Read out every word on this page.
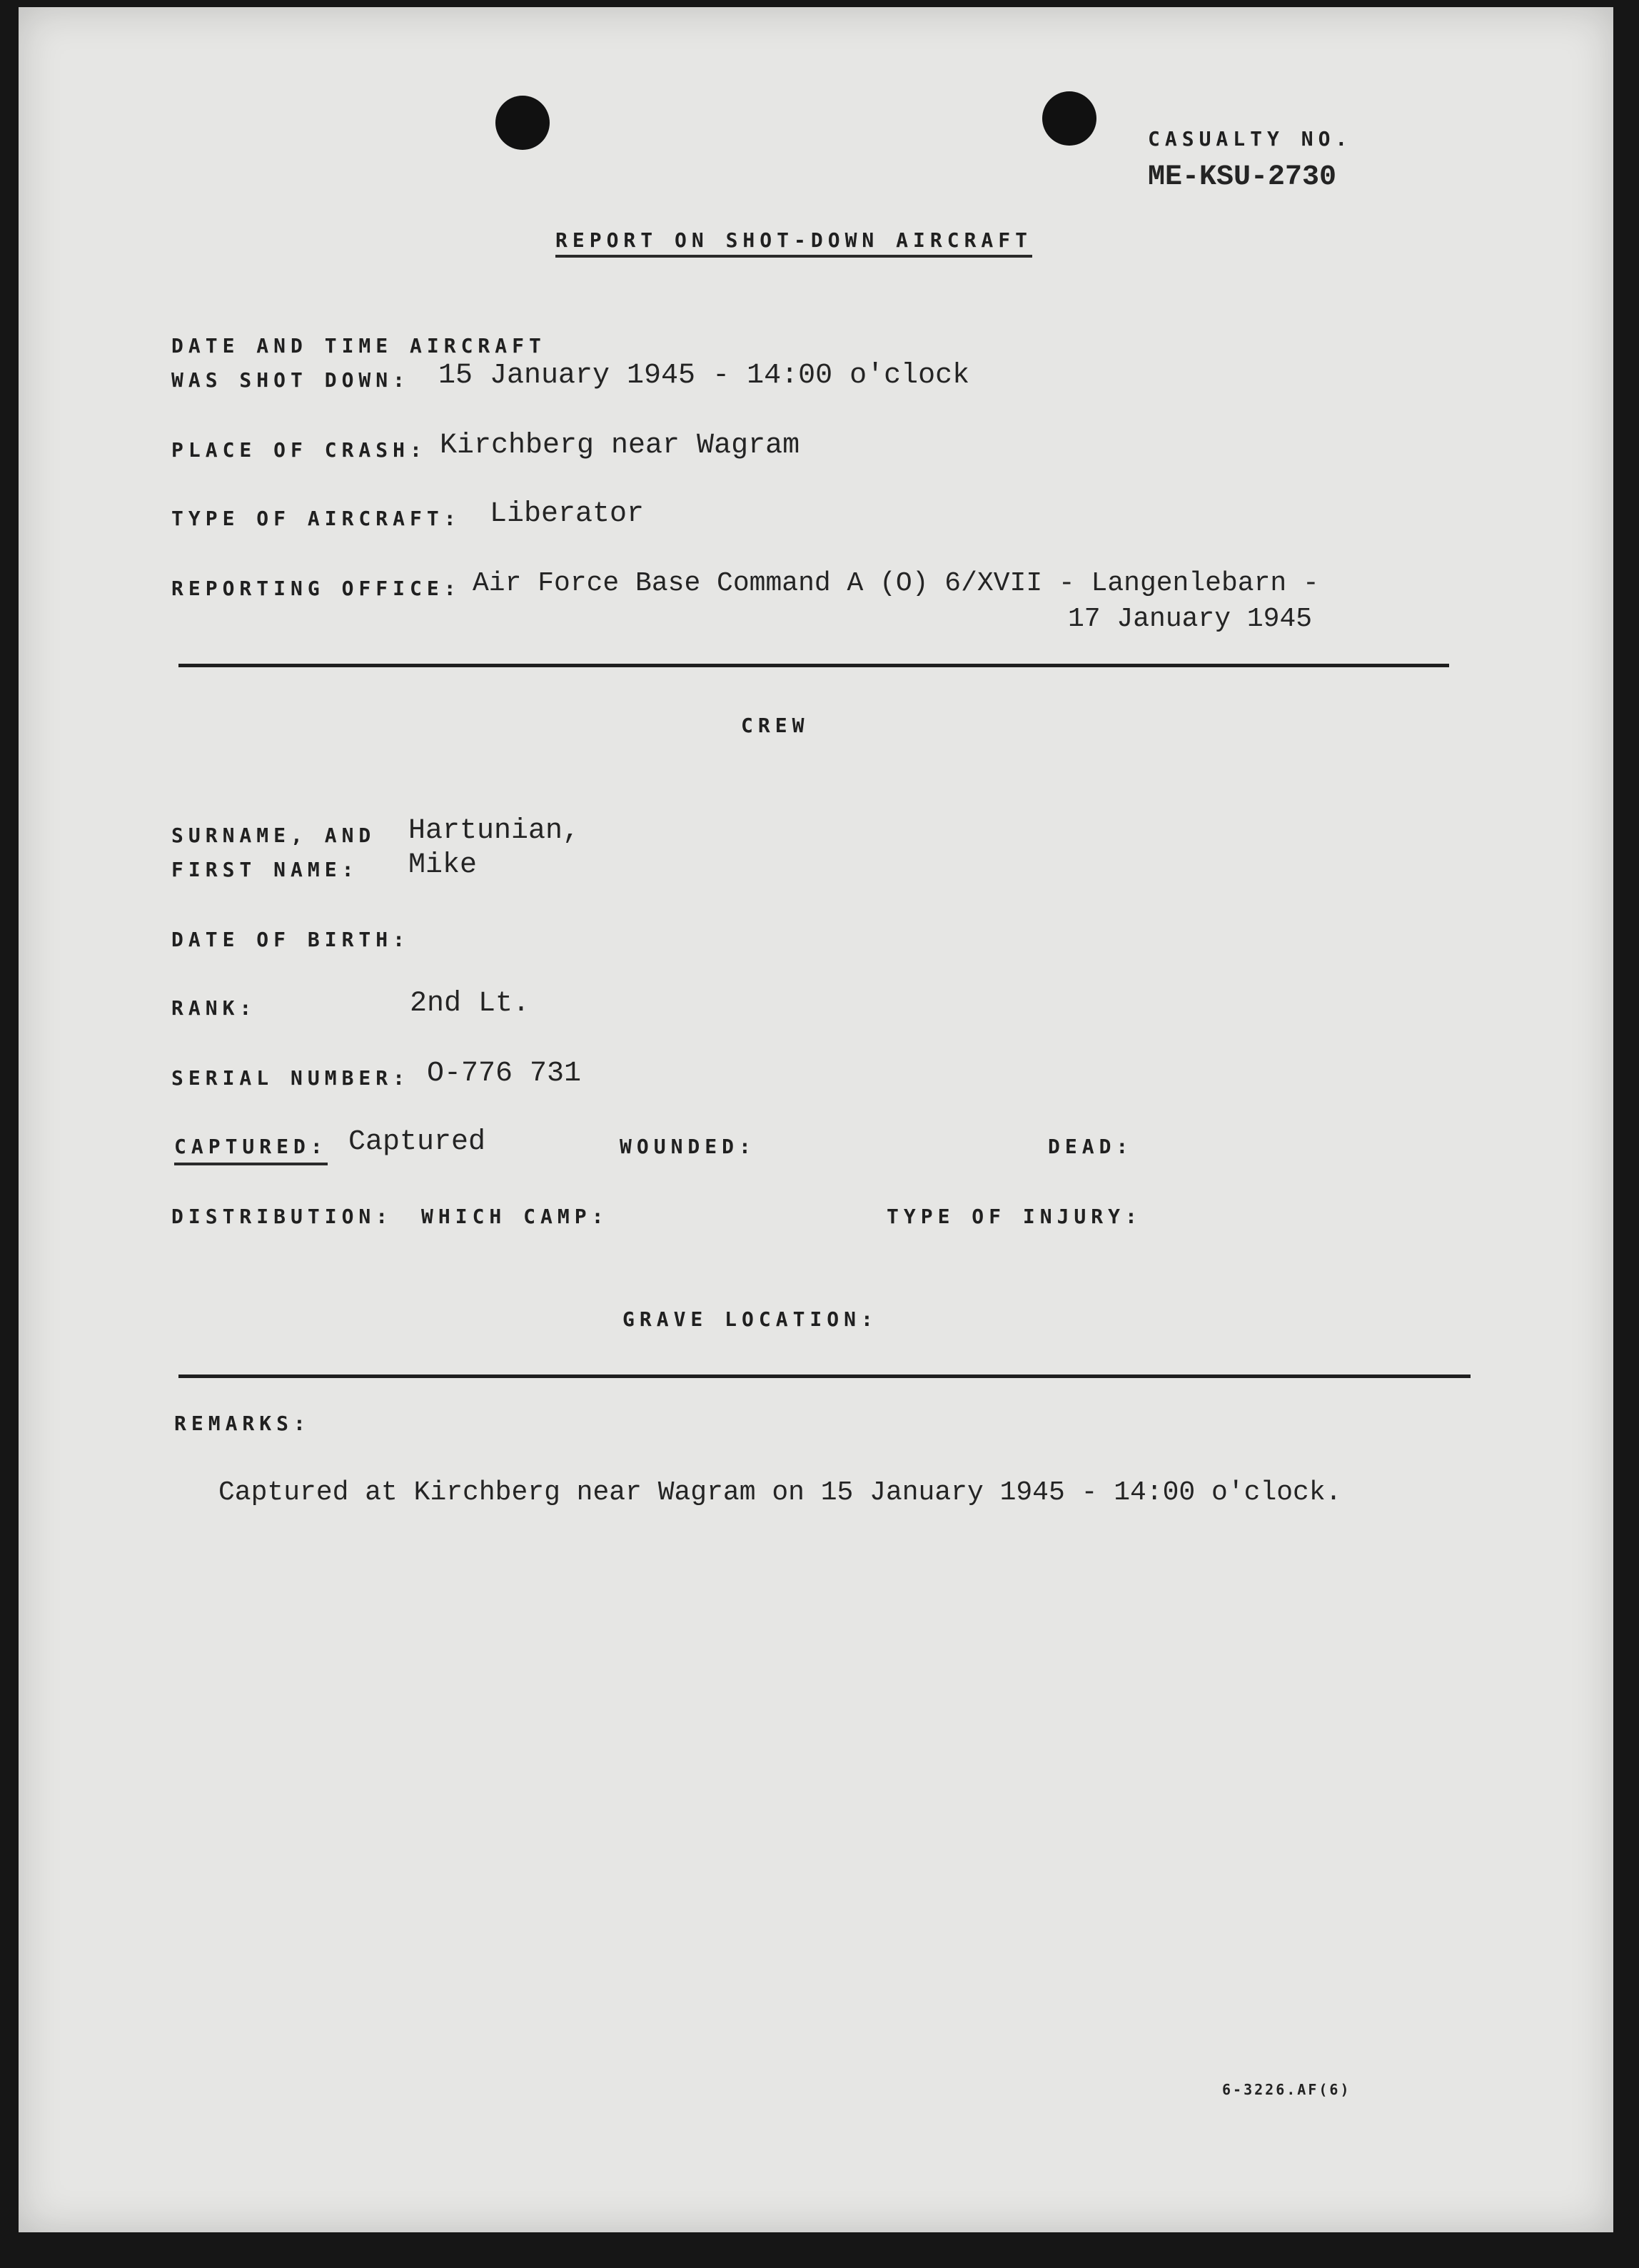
CASUALTY NO.
ME-KSU-2730
REPORT ON SHOT-DOWN AIRCRAFT
DATE AND TIME AIRCRAFT
WAS SHOT DOWN: 15 January 1945 - 14:00 o'clock
PLACE OF CRASH: Kirchberg near Wagram
TYPE OF AIRCRAFT: Liberator
REPORTING OFFICE: Air Force Base Command A (O) 6/XVII - Langenlebarn -
17 January 1945
CREW
SURNAME, AND
FIRST NAME:
Hartunian,
Mike
DATE OF BIRTH:
RANK:	2nd Lt.
SERIAL NUMBER: O-776 731
CAPTURED: Captured	WOUNDED:	DEAD:
DISTRIBUTION: WHICH CAMP:	TYPE OF INJURY:
GRAVE LOCATION:
REMARKS:
Captured at Kirchberg near Wagram on 15 January 1945 - 14:00 o'clock.
6-3226.AF(6)
